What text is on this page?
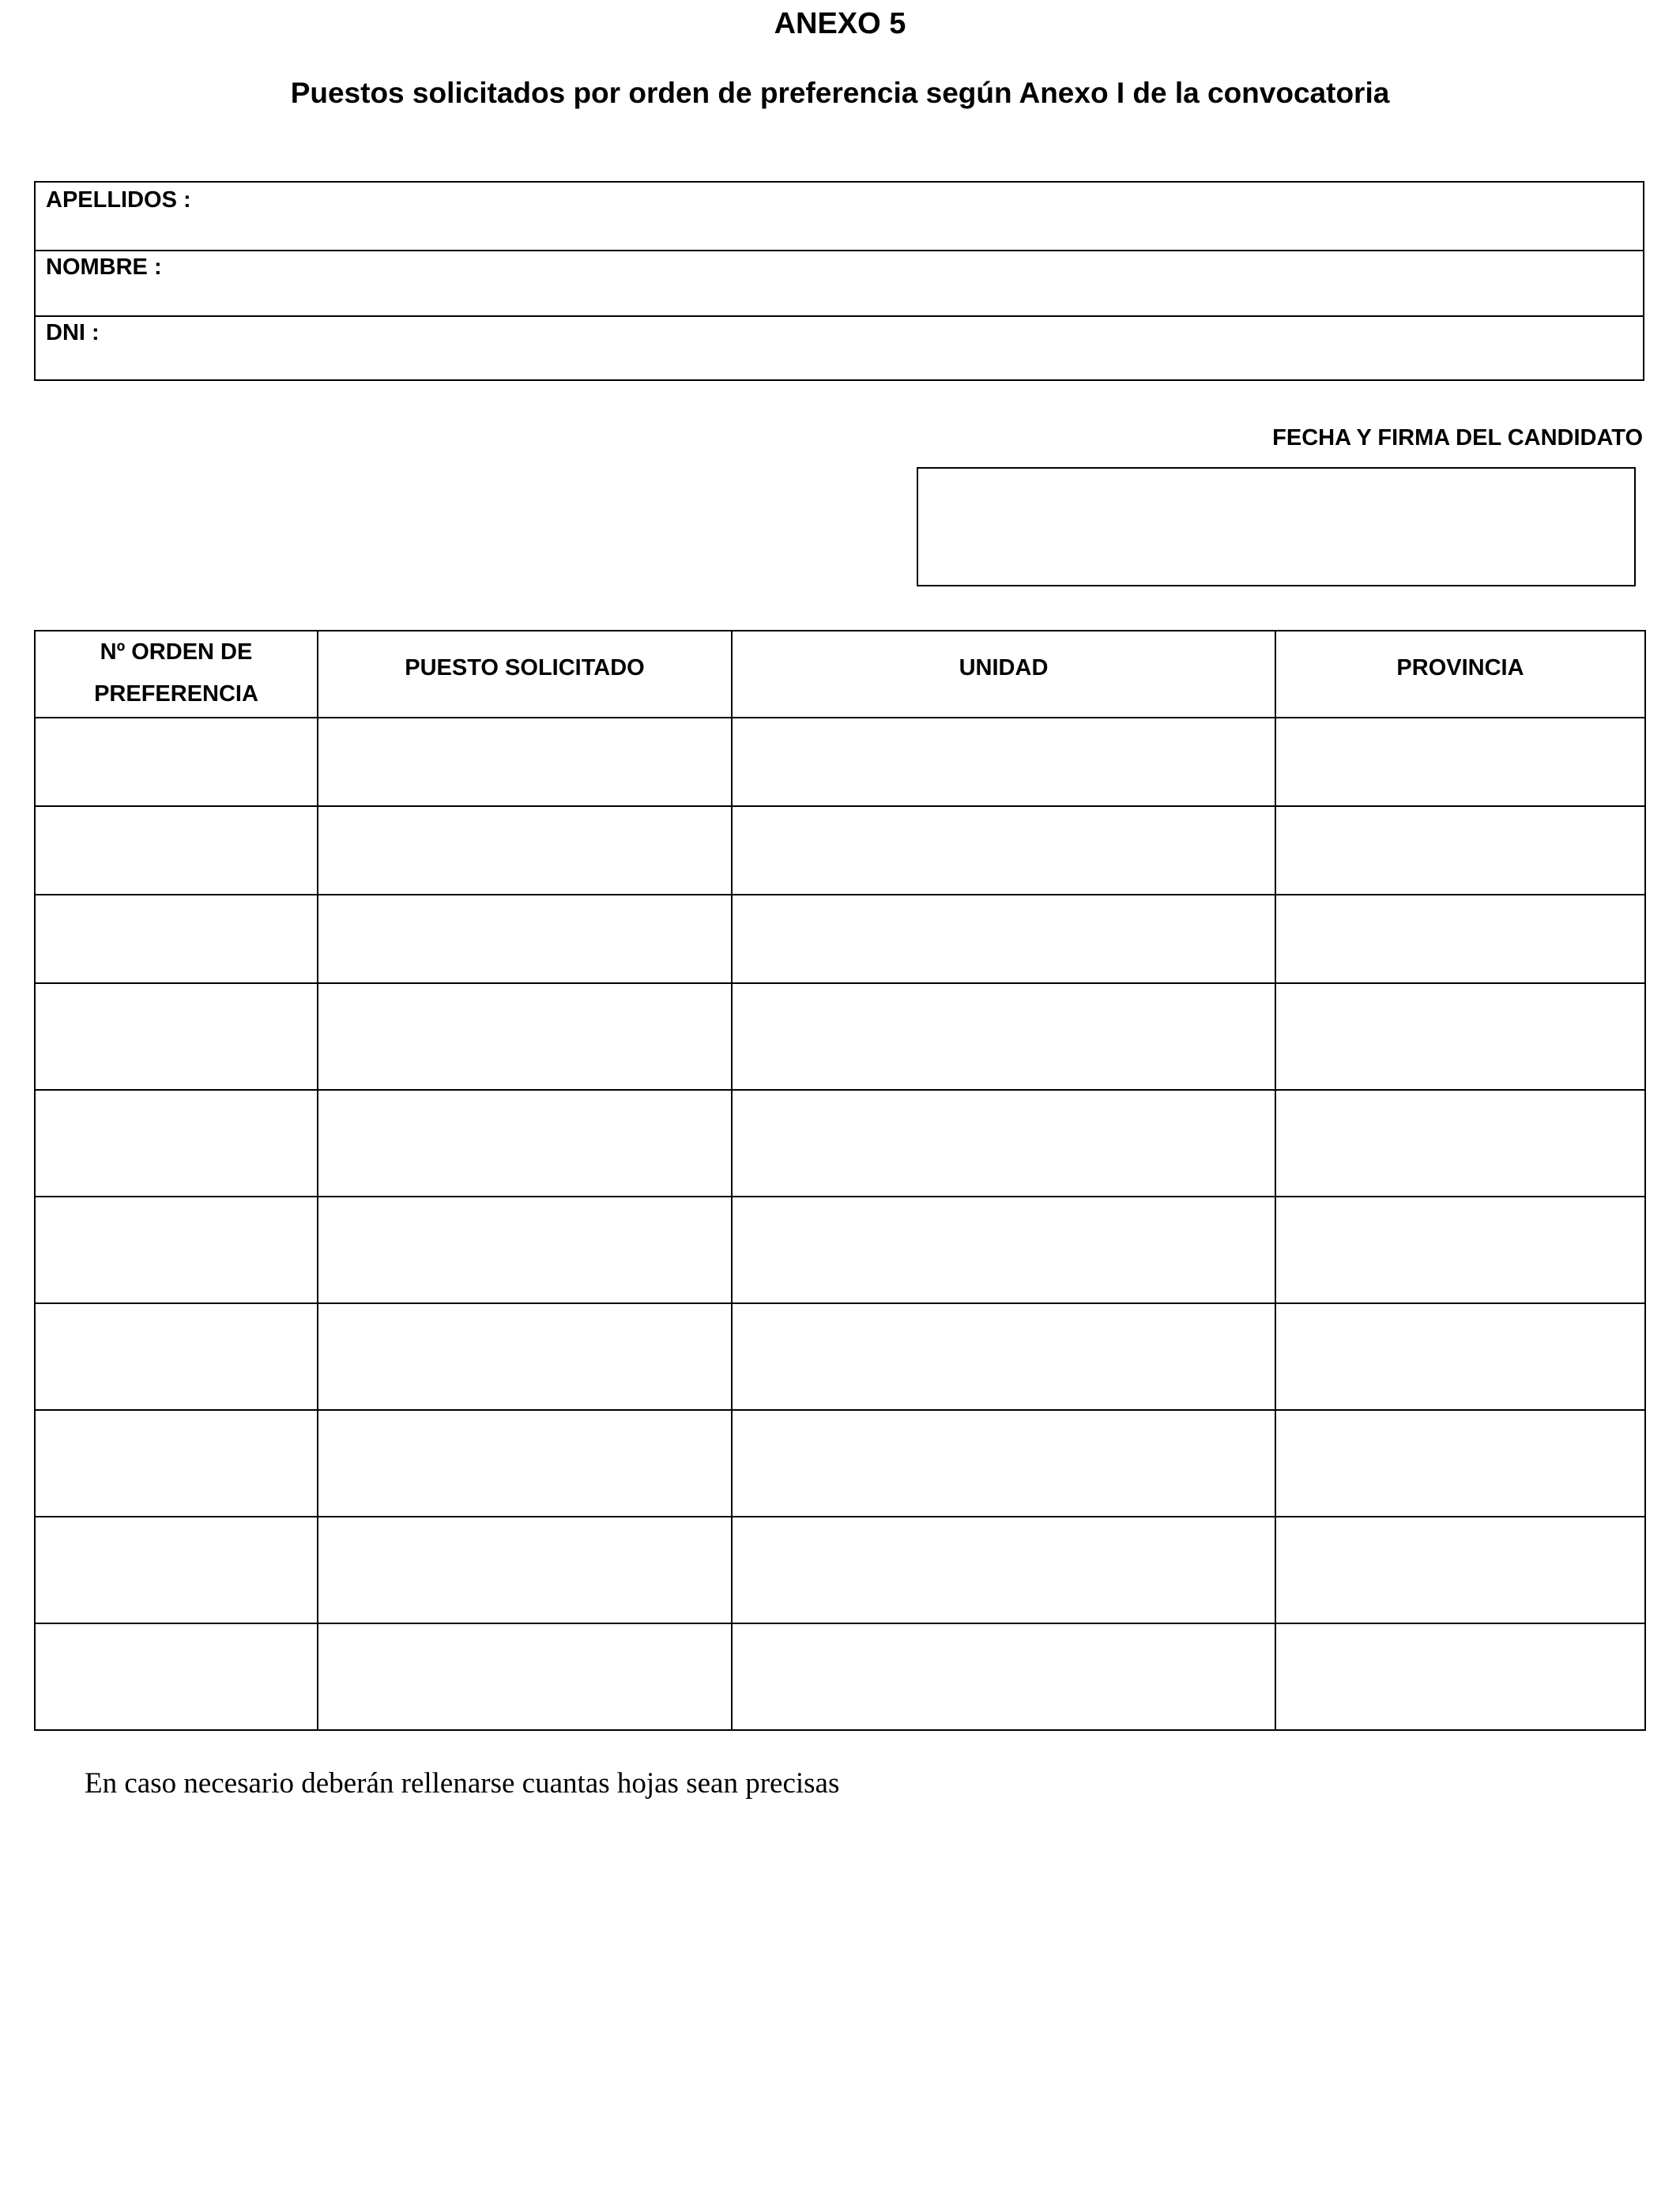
ANEXO 5
Puestos solicitados por orden de preferencia según Anexo I de la convocatoria
APELLIDOS :
NOMBRE :
DNI :
FECHA Y FIRMA DEL CANDIDATO
Nº ORDEN DE
PREFERENCIA	PUESTO SOLICITADO	UNIDAD	PROVINCIA

En caso necesario deberán rellenarse cuantas hojas sean precisas
